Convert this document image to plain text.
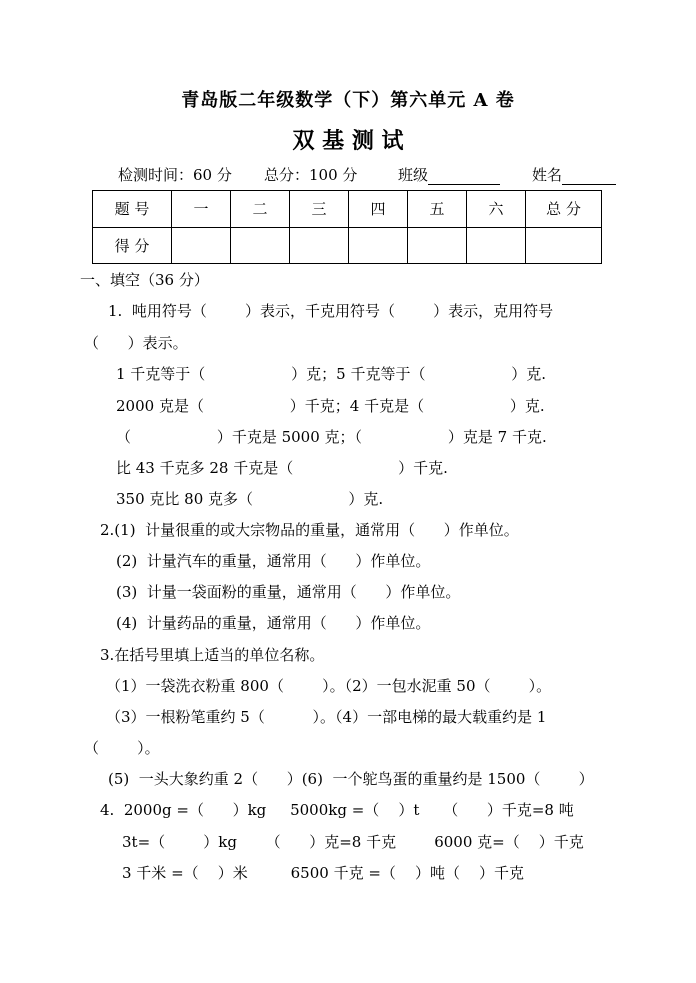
青岛版二年级数学（下）第六单元 A 卷
双 基 测 试
检测时间：60 分 总分：100 分	班级	姓名
题 号	一	二	三	四	五	六	总 分
得 分							
一、填空（36 分）
1.  吨用符号（        ）表示，千克用符号（        ）表示，克用符号
（      ）表示。
1 千克等于（                  ）克；5 千克等于（                  ）克.
2000 克是（                  ）千克；4 千克是（                  ）克.
（                  ）千克是 5000 克；（                  ）克是 7 千克.
比 43 千克多 28 千克是（                      ）千克.
350 克比 80 克多（                    ）克.
2.(1)  计量很重的或大宗物品的重量，通常用（      ）作单位。
(2)  计量汽车的重量，通常用（      ）作单位。
(3)  计量一袋面粉的重量，通常用（      ）作单位。
(4)  计量药品的重量，通常用（      ）作单位。
3.在括号里填上适当的单位名称。
（1）一袋洗衣粉重 800（        ）。（2）一包水泥重 50（        ）。
（3）一根粉笔重约 5（          ）。（4）一部电梯的最大载重约是 1
（        ）。
(5)  一头大象约重 2（      ）(6)  一个鸵鸟蛋的重量约是 1500（        ）
4.  2000g =（      ）kg     5000kg =（    ）t     （      ）千克=8 吨
3t=（        ）kg      （      ）克=8 千克        6000 克=（    ）千克
3 千米 =（    ）米         6500 千克 =（    ）吨（    ）千克
